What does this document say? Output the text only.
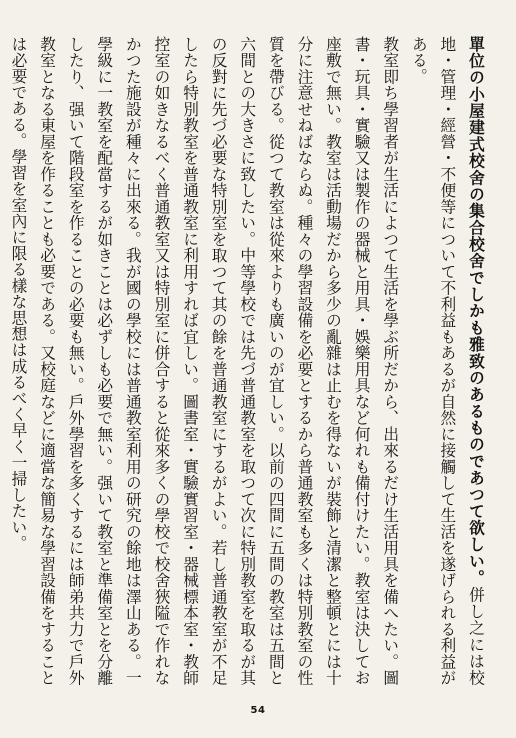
單位の小屋建式校舍の集合校舍でしかも雅致のあるものであつて欲しい。併し之には校地・管理・經營・不便等について不利益もあるが自然に接觸して生活を遂げられる利益がある。

教室即ち學習者が生活によつて生活を學ぶ所だから、出來るだけ生活用具を備へたい。圖書・玩具・實驗又は製作の器械と用具・娛樂用具など何れも備付けたい。教室は決してお座敷で無い。教室は活動場だから多少の亂雜は止むを得ないが裝飾と清潔と整頓とには十分に注意せねばならぬ。種々の學習設備を必要とするから普通教室も多くは特別教室の性質を帶びる。從つて教室は從來よりも廣いのが宜しい。以前の四間に五間の教室は五間と六間との大きさに致したい。中等學校では先づ普通教室を取つて次に特別教室を取るが其の反對に先づ必要な特別室を取つて其の餘を普通教室にするがよい。若し普通教室が不足したら特別教室を普通教室に利用すれば宜しい。圖書室・實驗實習室・器械標本室・教師控室の如きなるべく普通教室又は特別室に併合すると從來多くの學校で校舍狹隘で作れなかつた施設が種々に出來る。我が國の學校には普通教室利用の研究の餘地は澤山ある。一學級に一教室を配當するが如きことは必ずしも必要で無い。强いて教室と準備室とを分離したり、强いて階段室を作ることの必要も無い。戶外學習を多くするには師弟共力で戶外教室となる東屋を作ることも必要である。又校庭などに適當な簡易な學習設備をすることは必要である。學習を室內に限る樣な思想は成るべく早く一掃したい。

54
